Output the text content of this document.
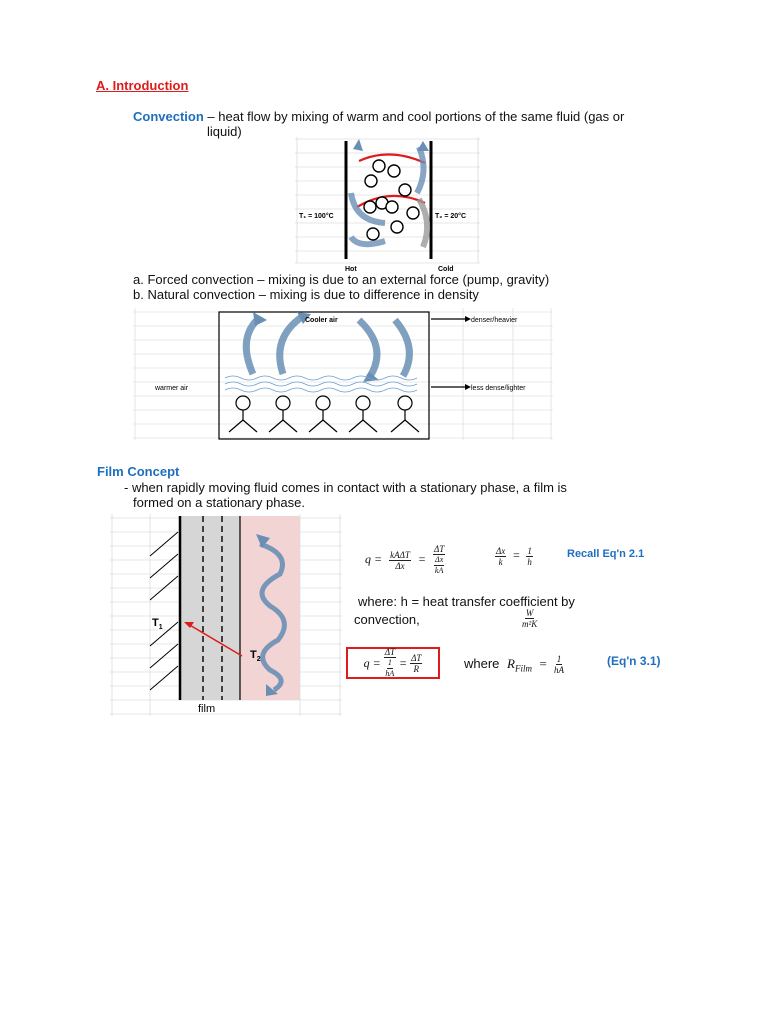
A. Introduction
Convection – heat flow by mixing of warm and cool portions of the same fluid (gas or
liquid)
T₁ = 100°C	T₂ = 20°C
Hot	Cold
a. Forced convection – mixing is due to an external force (pump, gravity)
b. Natural convection – mixing is due to difference in density
Cooler air	denser/heavier
warmer air	less dense/lighter
Film Concept
- when rapidly moving fluid comes in contact with a stationary phase, a film is
formed on a stationary phase.
$T_1$
$T_2$
film
$q = \frac{\text{kAΔT}}{\Delta x} = \frac{\Delta T}{\frac{\Delta x}{kA}}$	$\frac{\Delta x}{k} = \frac{1}{h}$	Recall Eq'n 2.1
where: h = heat transfer coefficient by
convection,	$\frac{W}{\text{m²K}}$
$q = \frac{\Delta T}{\frac{1}{hA}} = \frac{\Delta T}{R}$	where $R_{Film} = \frac{1}{hA}$	(Eq'n 3.1)
